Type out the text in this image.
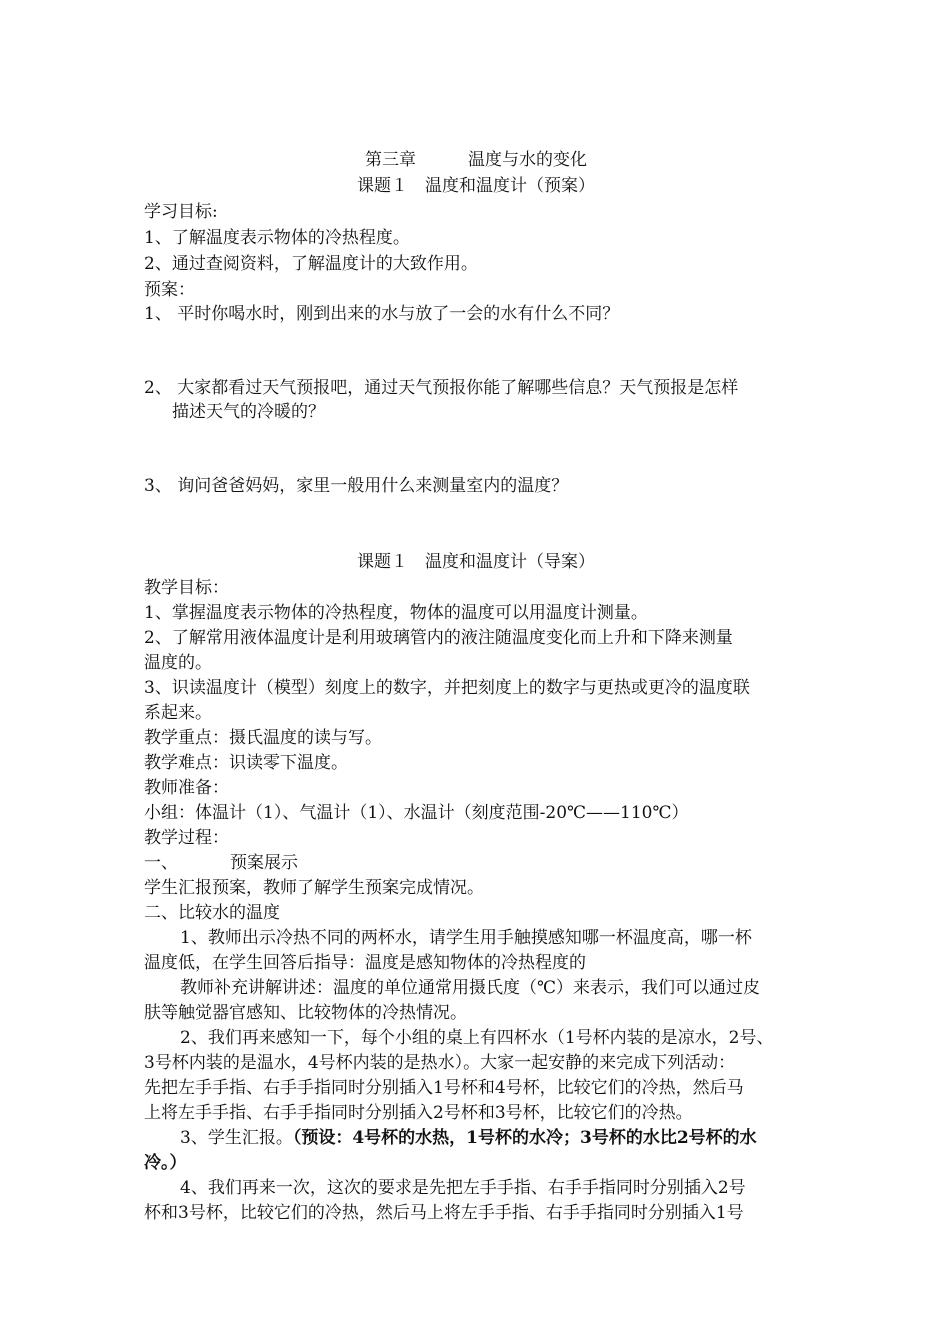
第三章	温度与水的变化
课题１　温度和温度计（预案）
学习目标:
1、了解温度表示物体的冷热程度。
2、通过查阅资料，了解温度计的大致作用。
预案：
1、 平时你喝水时，刚到出来的水与放了一会的水有什么不同？
2、 大家都看过天气预报吧，通过天气预报你能了解哪些信息？天气预报是怎样
描述天气的冷暖的？
3、 询问爸爸妈妈，家里一般用什么来测量室内的温度？
课题１　温度和温度计（导案）
教学目标：
1、掌握温度表示物体的冷热程度，物体的温度可以用温度计测量。
2、了解常用液体温度计是利用玻璃管内的液注随温度变化而上升和下降来测量
温度的。
3、识读温度计（模型）刻度上的数字，并把刻度上的数字与更热或更冷的温度联
系起来。
教学重点：摄氏温度的读与写。
教学难点：识读零下温度。
教师准备：
小组：体温计（1）、气温计（1）、水温计（刻度范围-20℃——110℃）
教学过程：
一、	预案展示
学生汇报预案，教师了解学生预案完成情况。
二、比较水的温度
1、教师出示冷热不同的两杯水，请学生用手触摸感知哪一杯温度高，哪一杯
温度低，在学生回答后指导：温度是感知物体的冷热程度的
教师补充讲解讲述：温度的单位通常用摄氏度（℃）来表示，我们可以通过皮
肤等触觉器官感知、比较物体的冷热情况。
2、我们再来感知一下，每个小组的桌上有四杯水（1号杯内装的是凉水，2号、
3号杯内装的是温水，4号杯内装的是热水）。大家一起安静的来完成下列活动：
先把左手手指、右手手指同时分别插入1号杯和4号杯，比较它们的冷热，然后马
上将左手手指、右手手指同时分别插入2号杯和3号杯，比较它们的冷热。
3、学生汇报。（预设：4号杯的水热，1号杯的水冷；3号杯的水比2号杯的水
冷。）
4、我们再来一次，这次的要求是先把左手手指、右手手指同时分别插入2号
杯和3号杯，比较它们的冷热，然后马上将左手手指、右手手指同时分别插入1号
